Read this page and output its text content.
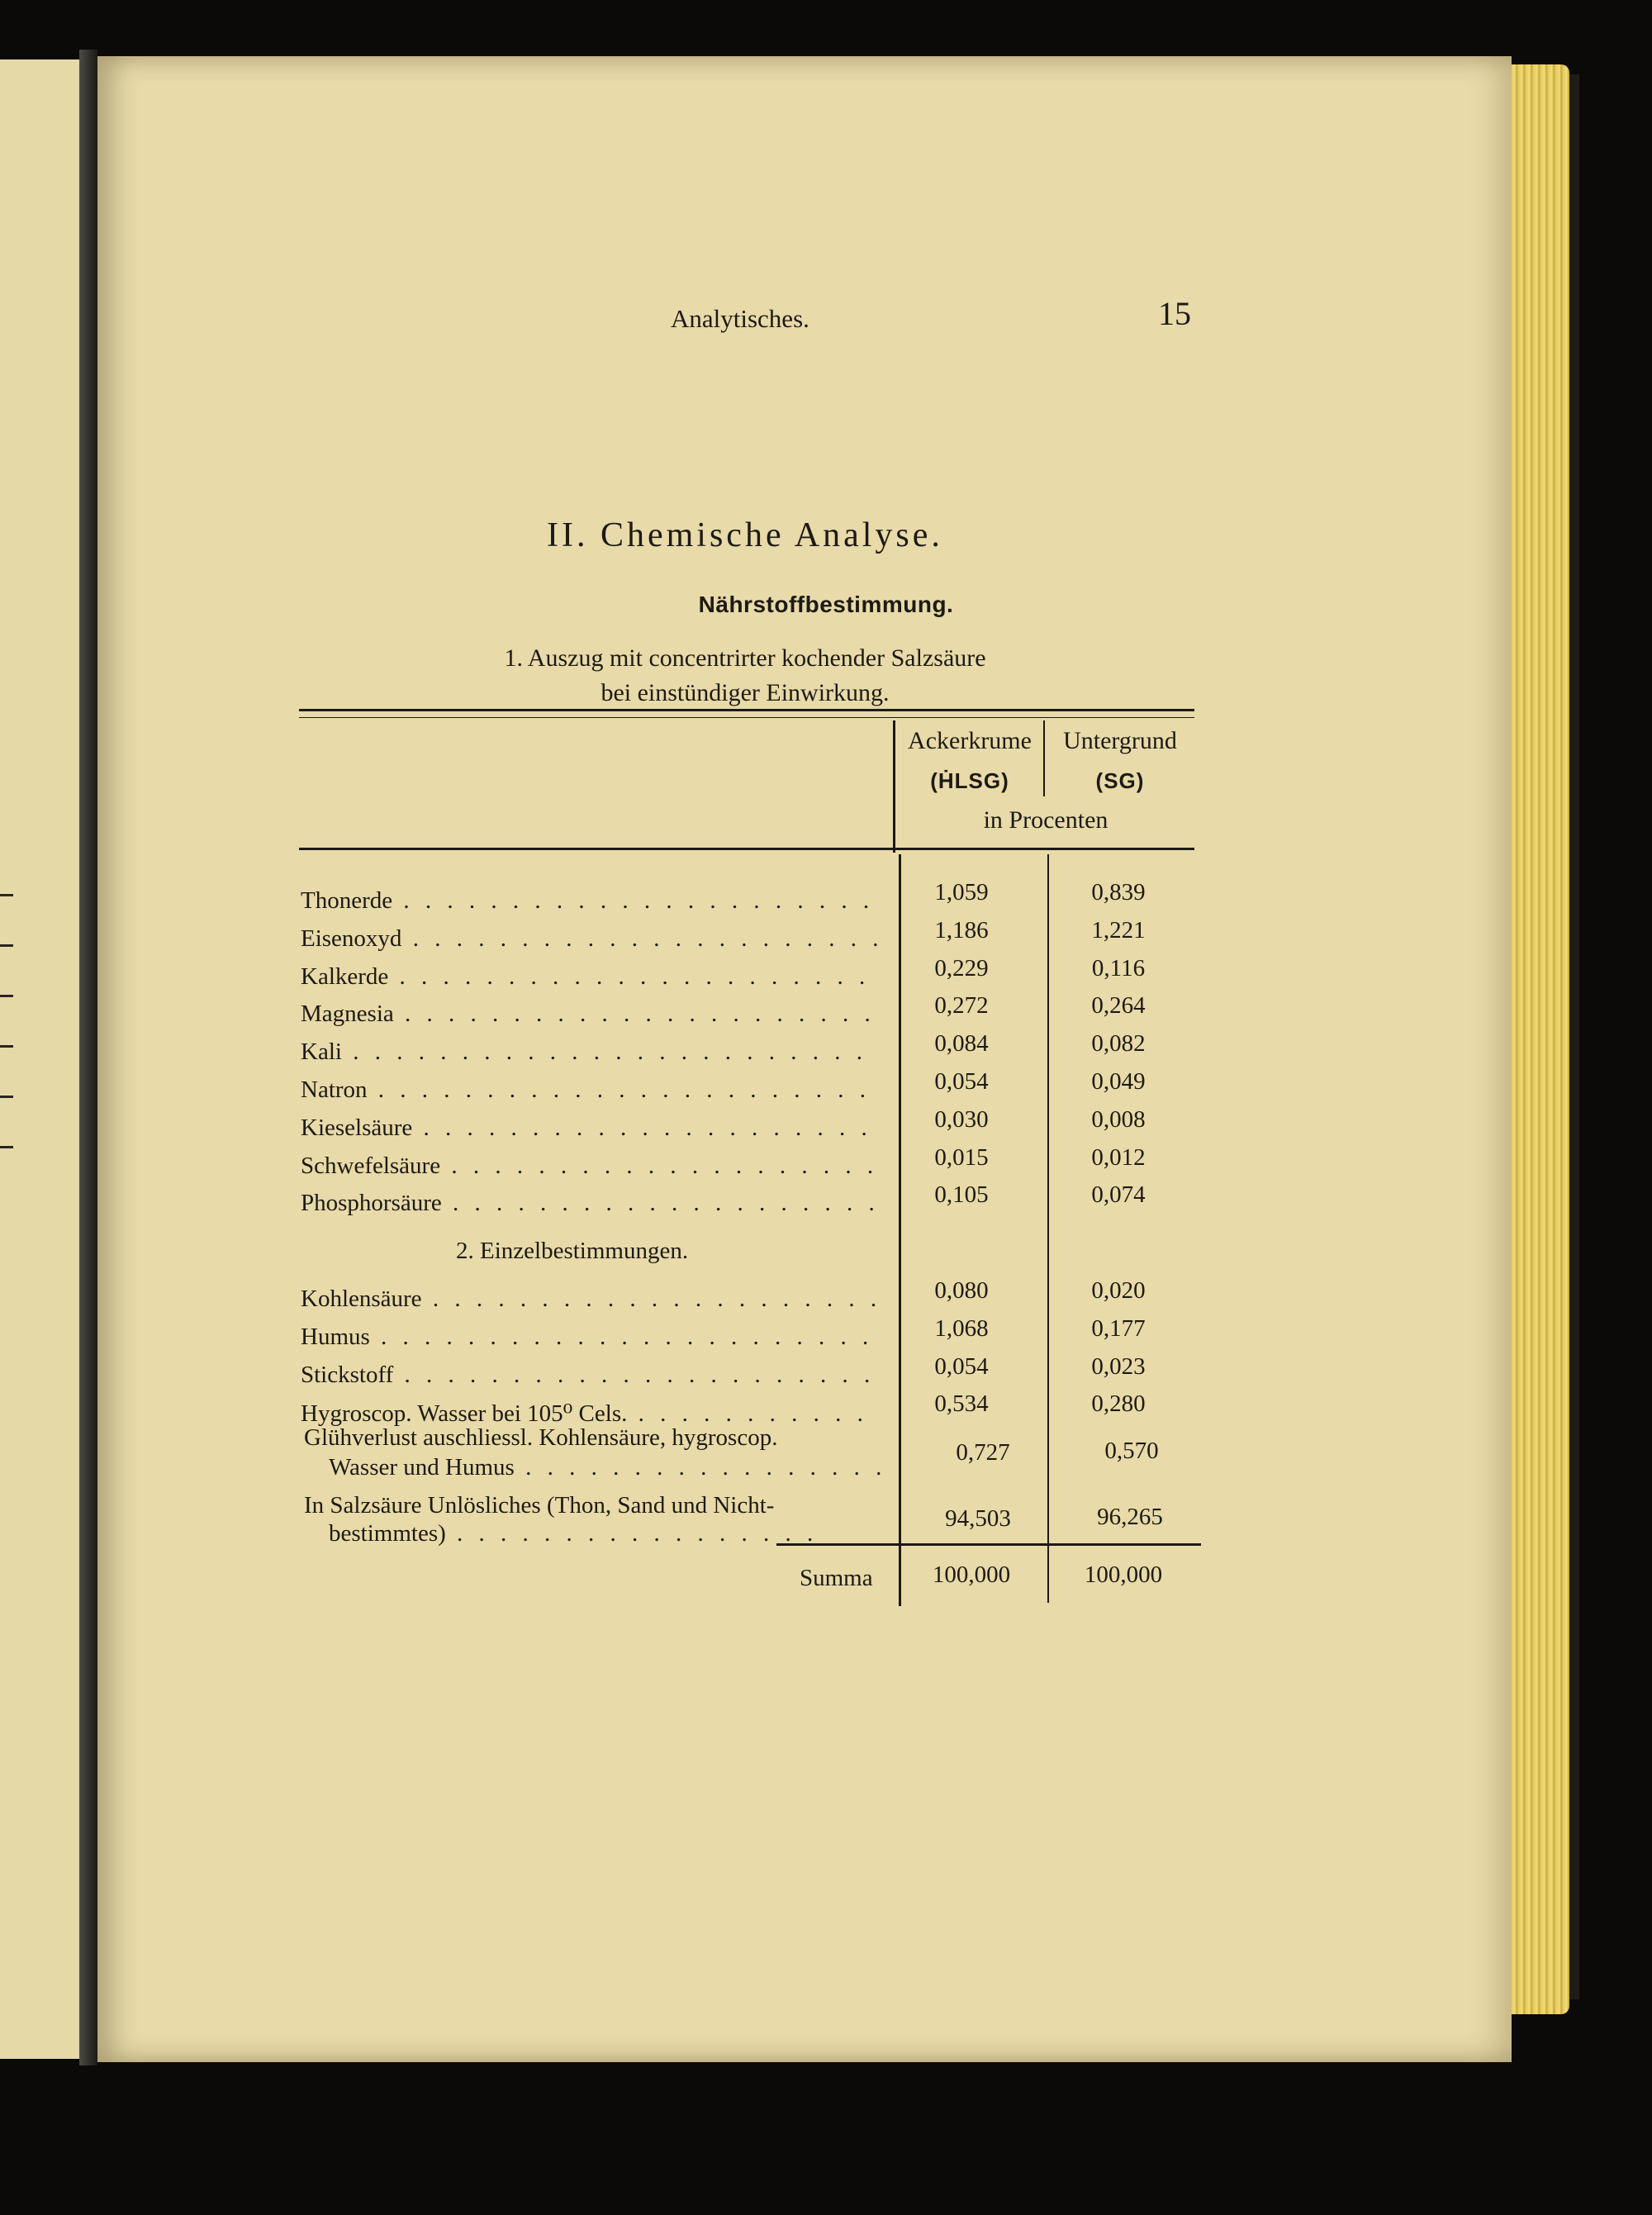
Analytisches.	15
II. Chemische Analyse.
Nährstoffbestimmung.
1. Auszug mit concentrirter kochender Salzsäure
bei einstündiger Einwirkung.
Ackerkrume
(ḢLSG)
Untergrund
(SG)
in Procenten
Thonerde . . .	1,059	0,839
Eisenoxyd . . .	1,186	1,221
Kalkerde . . .	0,229	0,116
Magnesia . . .	0,272	0,264
Kali . . .	0,084	0,082
Natron . . .	0,054	0,049
Kieselsäure . . .	0,030	0,008
Schwefelsäure . . .	0,015	0,012
Phosphorsäure . . .	0,105	0,074
2. Einzelbestimmungen.
Kohlensäure . . .	0,080	0,020
Humus . . .	1,068	0,177
Stickstoff . . .	0,054	0,023
Hygroscop. Wasser bei 105⁰ Cels. . . .	0,534	0,280
Glühverlust auschliessl. Kohlensäure, hygroscop.
Wasser und Humus . . .
0,727	0,570
In Salzsäure Unlösliches (Thon, Sand und Nicht-
bestimmtes) . . .
94,503	96,265
Summa	100,000	100,000
